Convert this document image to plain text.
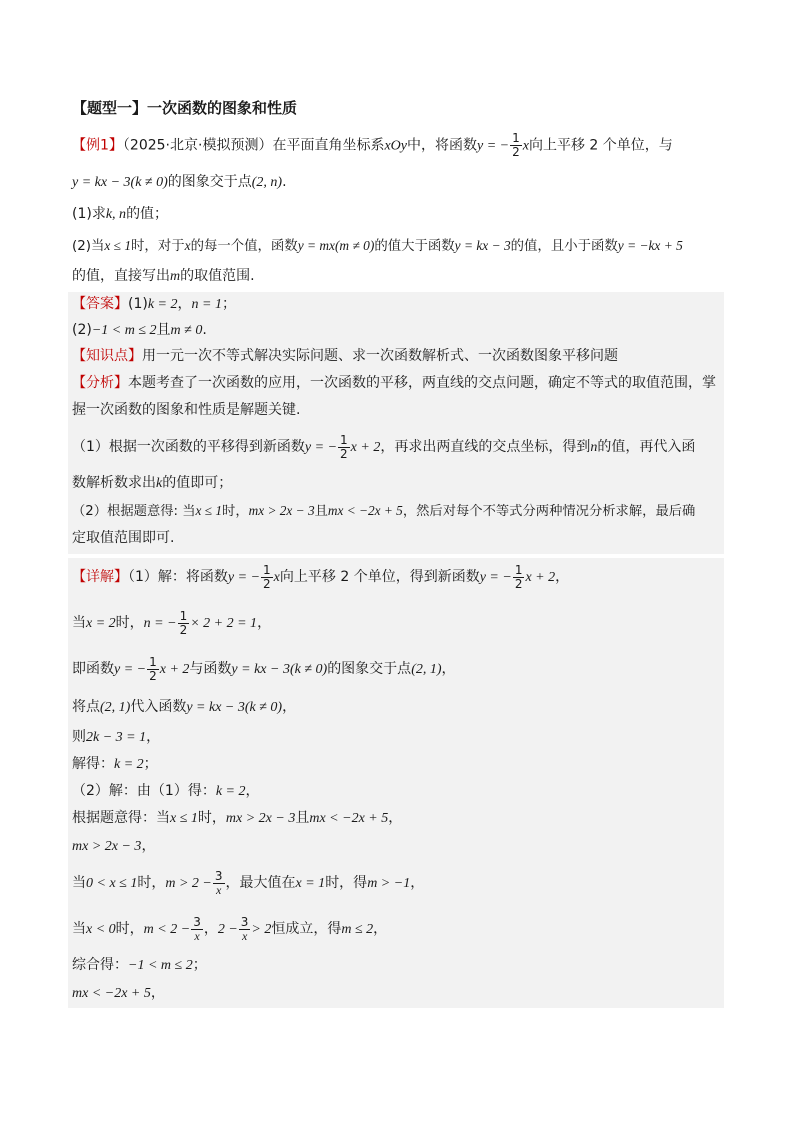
【题型一】一次函数的图象和性质
【例1】（2025·北京·模拟预测）在平面直角坐标系xOy中，将函数y = − $\frac{1}{2}$ x向上平移 2 个单位，与
y = kx − 3(k ≠ 0)的图象交于点(2, n).
(1)求k, n的值；
(2)当x ≤ 1时，对于x的每一个值，函数y = mx(m ≠ 0)的值大于函数y = kx − 3的值，且小于函数y = −kx + 5
的值，直接写出m的取值范围.
【答案】(1)k = 2，n = 1；
(2)−1 < m ≤ 2且m ≠ 0.
【知识点】用一元一次不等式解决实际问题、求一次函数解析式、一次函数图象平移问题
【分析】本题考查了一次函数的应用，一次函数的平移，两直线的交点问题，确定不等式的取值范围，掌
握一次函数的图象和性质是解题关键.
（1）根据一次函数的平移得到新函数y = − $\frac{1}{2}$ x + 2，再求出两直线的交点坐标，得到n的值，再代入函
数解析数求出k的值即可；
（2）根据题意得: 当x ≤ 1时，mx > 2x − 3且mx < −2x + 5，然后对每个不等式分两种情况分析求解，最后确
定取值范围即可.
【详解】（1）解：将函数y = − $\frac{1}{2}$ x向上平移 2 个单位，得到新函数y = − $\frac{1}{2}$ x + 2，
当x = 2时，n = − $\frac{1}{2} \times 2 + 2 = 1$，
即函数y = − $\frac{1}{2}$ x + 2与函数y = kx − 3(k ≠ 0)的图象交于点(2, 1)，
将点(2, 1)代入函数y = kx − 3(k ≠ 0)，
则2k − 3 = 1，
解得：k = 2；
（2）解：由（1）得：k = 2，
根据题意得：当x ≤ 1时，mx > 2x − 3且mx < −2x + 5，
mx > 2x − 3，
当0 < x ≤ 1时，$m > 2 - \frac{3}{x}$ ，最大值在x = 1时，得m > −1，
当x < 0时，$m < 2 - \frac{3}{x}$ ，$2 - \frac{3}{x} > 2$恒成立，得m ≤ 2，
综合得：−1 < m ≤ 2；
mx < −2x + 5，
